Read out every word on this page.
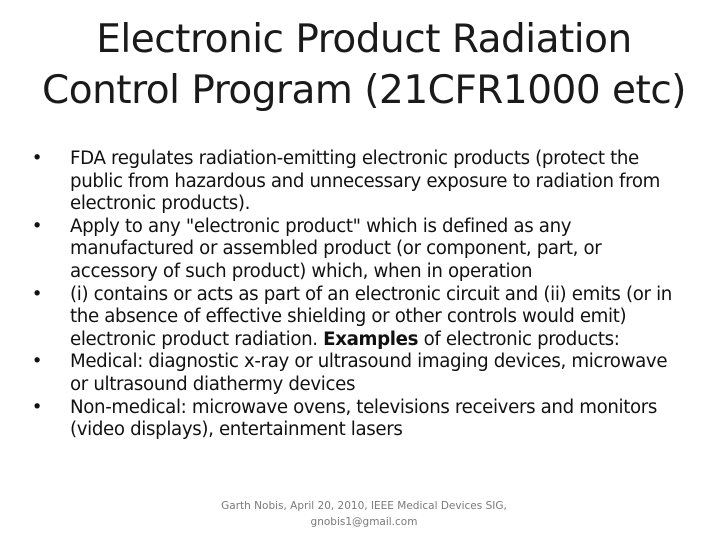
Electronic Product Radiation
Control Program (21CFR1000 etc)
• FDA regulates radiation-emitting electronic products (protect the public from hazardous and unnecessary exposure to radiation from electronic products).
• Apply to any "electronic product" which is defined as any manufactured or assembled product (or component, part, or accessory of such product) which, when in operation
• (i) contains or acts as part of an electronic circuit and (ii) emits (or in the absence of effective shielding or other controls would emit) electronic product radiation. Examples of electronic products:
• Medical: diagnostic x-ray or ultrasound imaging devices, microwave or ultrasound diathermy devices
• Non-medical: microwave ovens, televisions receivers and monitors (video displays), entertainment lasers
Garth Nobis, April 20, 2010, IEEE Medical Devices SIG,
gnobis1@gmail.com
